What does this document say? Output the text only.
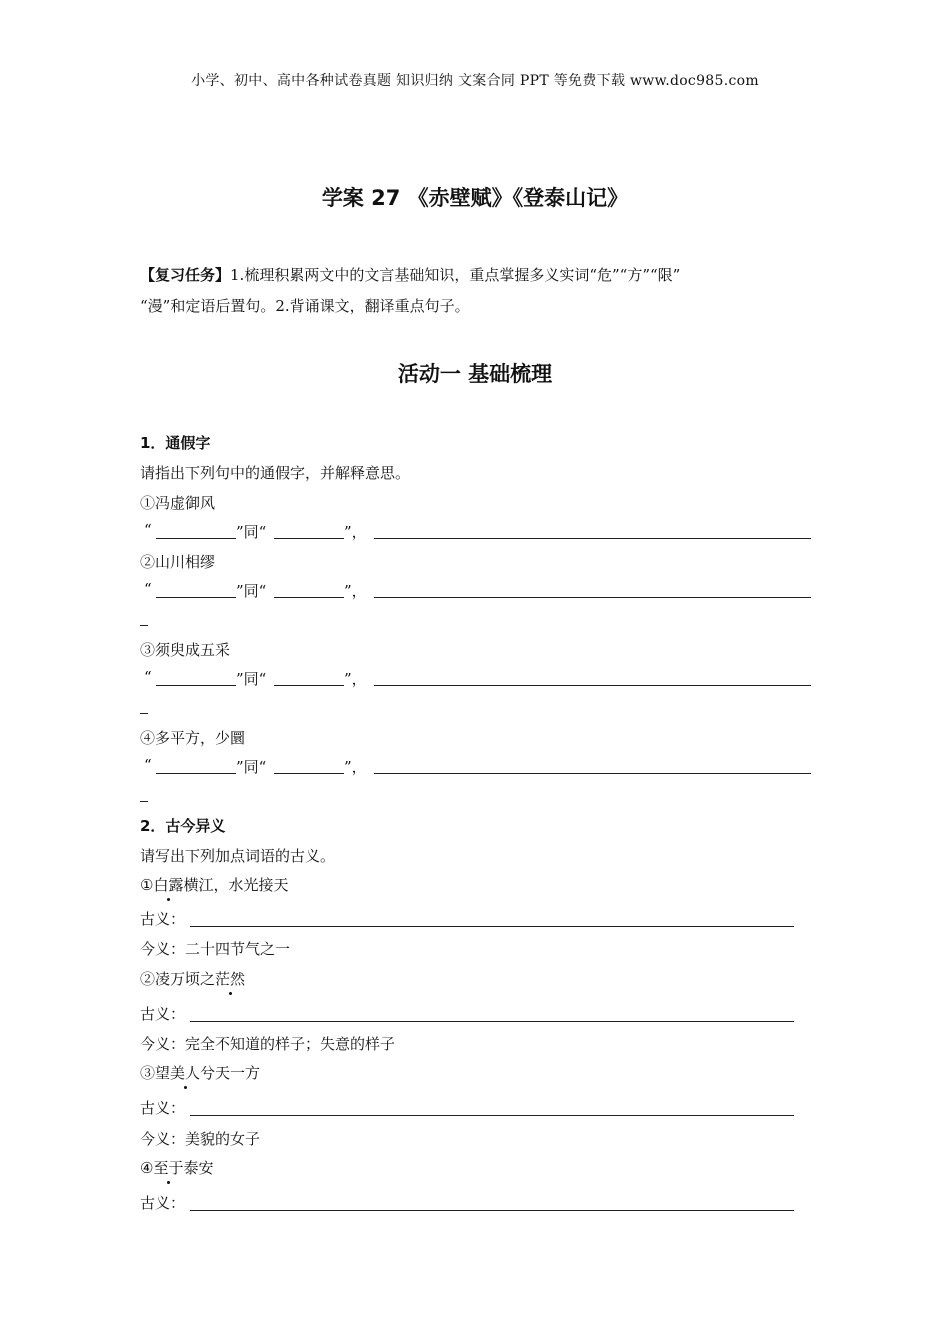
小学、初中、高中各种试卷真题 知识归纳 文案合同 PPT 等免费下载 www.doc985.com
学案 27 《赤壁赋》《登泰山记》
【复习任务】1.梳理积累两文中的文言基础知识，重点掌握多义实词“危”“方”“限”
“漫”和定语后置句。2.背诵课文，翻译重点句子。
活动一 基础梳理
1．通假字
请指出下列句中的通假字，并解释意思。
①冯虚御风
“	”同“	”，
②山川相缪
“	”同“	”，
③须臾成五采
“	”同“	”，
④多平方，少圜
“	”同“	”，
2．古今异义
请写出下列加点词语的古义。
①白露横江，水光接天
古义：
今义：二十四节气之一
②凌万顷之茫然
古义：
今义：完全不知道的样子；失意的样子
③望美人兮天一方
古义：
今义：美貌的女子
④至于泰安
古义：
